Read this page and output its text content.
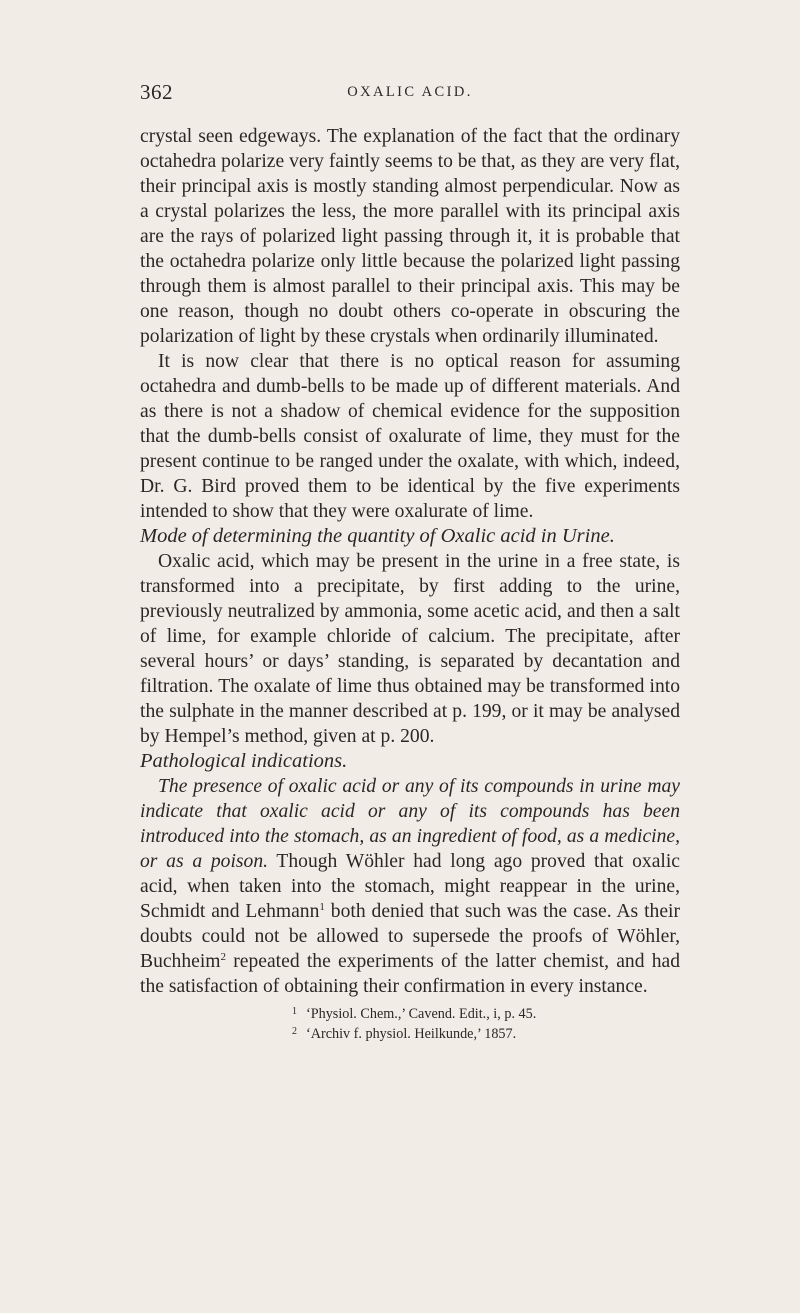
362	OXALIC ACID.

crystal seen edgeways. The explanation of the fact that the ordinary octahedra polarize very faintly seems to be that, as they are very flat, their principal axis is mostly standing almost perpendicular. Now as a crystal polarizes the less, the more parallel with its principal axis are the rays of polarized light passing through it, it is probable that the octahedra polarize only little because the polarized light passing through them is almost parallel to their principal axis. This may be one reason, though no doubt others co-operate in obscuring the polarization of light by these crystals when ordinarily illuminated.

It is now clear that there is no optical reason for assuming octahedra and dumb-bells to be made up of different materials. And as there is not a shadow of chemical evidence for the supposition that the dumb-bells consist of oxalurate of lime, they must for the present continue to be ranged under the oxalate, with which, indeed, Dr. G. Bird proved them to be identical by the five experiments intended to show that they were oxalurate of lime.

Mode of determining the quantity of Oxalic acid in Urine.

Oxalic acid, which may be present in the urine in a free state, is transformed into a precipitate, by first adding to the urine, previously neutralized by ammonia, some acetic acid, and then a salt of lime, for example chloride of calcium. The precipitate, after several hours’ or days’ standing, is separated by decantation and filtration. The oxalate of lime thus obtained may be transformed into the sulphate in the manner described at p. 199, or it may be analysed by Hempel’s method, given at p. 200.

Pathological indications.

The presence of oxalic acid or any of its compounds in urine may indicate that oxalic acid or any of its compounds has been introduced into the stomach, as an ingredient of food, as a medicine, or as a poison. Though Wöhler had long ago proved that oxalic acid, when taken into the stomach, might reappear in the urine, Schmidt and Lehmann$^1$ both denied that such was the case. As their doubts could not be allowed to supersede the proofs of Wöhler, Buchheim$^2$ repeated the experiments of the latter chemist, and had the satisfaction of obtaining their confirmation in every instance.

1 ‘Physiol. Chem.,’ Cavend. Edit., i, p. 45.

2 ‘Archiv f. physiol. Heilkunde,’ 1857.
